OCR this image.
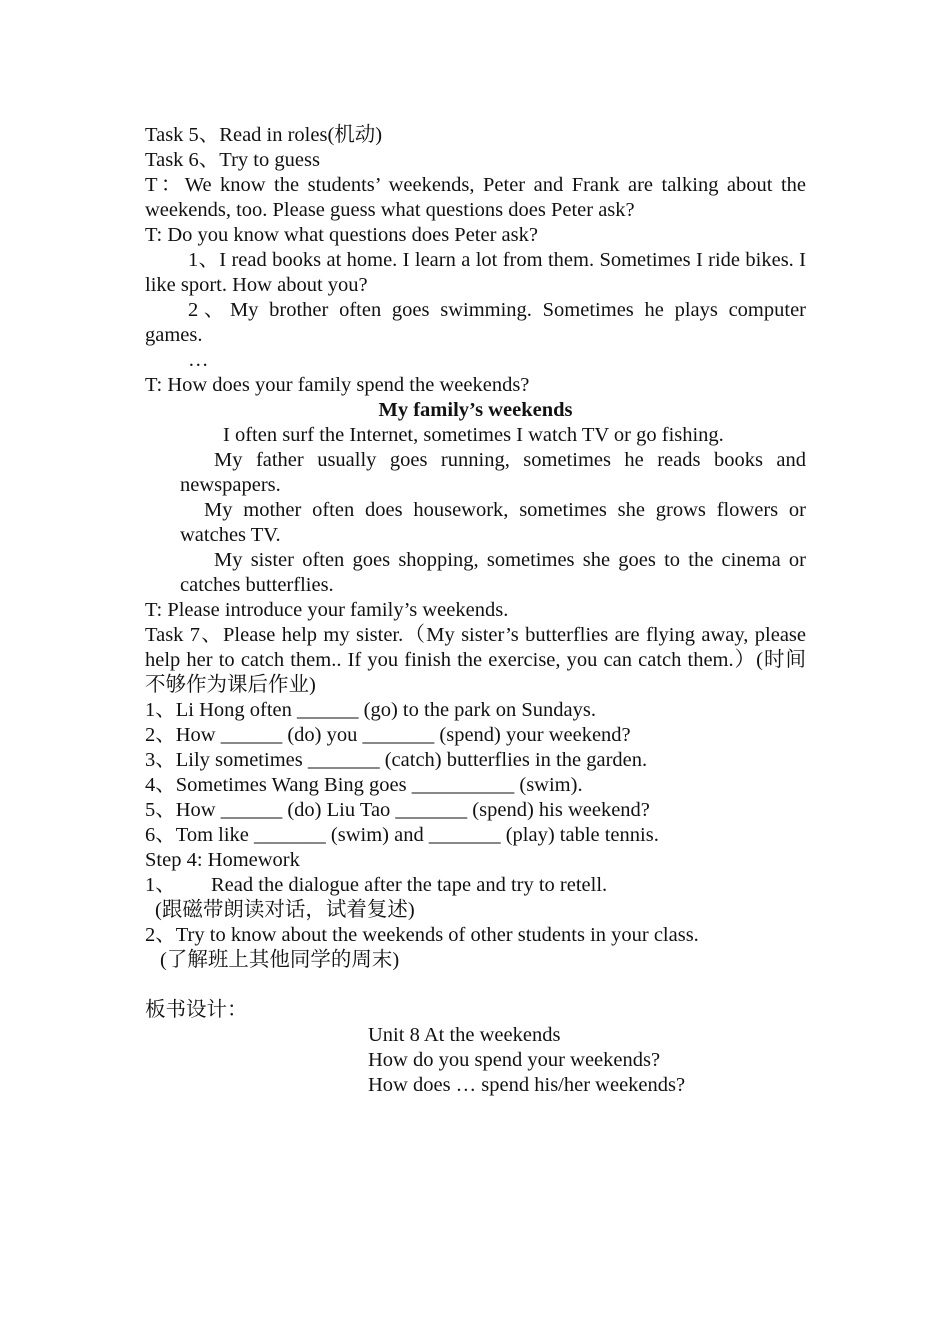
Task 5、Read in roles(机动)

Task 6、Try to guess

T：We know the students’ weekends, Peter and Frank are talking about the weekends, too. Please guess what questions does Peter ask?

T: Do you know what questions does Peter ask?

1、I read books at home. I learn a lot from them. Sometimes I ride bikes. I like sport. How about you?

2、My brother often goes swimming. Sometimes he plays computer games.

…

T: How does your family spend the weekends?

My family’s weekends

I often surf the Internet, sometimes I watch TV or go fishing.

My father usually goes running, sometimes he reads books and newspapers.

My mother often does housework, sometimes she grows flowers or watches TV.

My sister often goes shopping, sometimes she goes to the cinema or catches butterflies.

T: Please introduce your family’s weekends.

Task 7、Please help my sister.（My sister’s butterflies are flying away, please help her to catch them.. If you finish the exercise, you can catch them.）(时间不够作为课后作业)

1、Li Hong often ______ (go) to the park on Sundays.

2、How ______ (do) you _______ (spend) your weekend?

3、Lily sometimes _______ (catch) butterflies in the garden.

4、Sometimes Wang Bing goes __________ (swim).

5、How ______ (do) Liu Tao _______ (spend) his weekend?

6、Tom like _______ (swim) and _______ (play) table tennis.

Step 4: Homework

1、 Read the dialogue after the tape and try to retell.

(跟磁带朗读对话，试着复述)

2、Try to know about the weekends of other students in your class.

(了解班上其他同学的周末)

板书设计：

Unit 8 At the weekends

How do you spend your weekends?

How does … spend his/her weekends?
